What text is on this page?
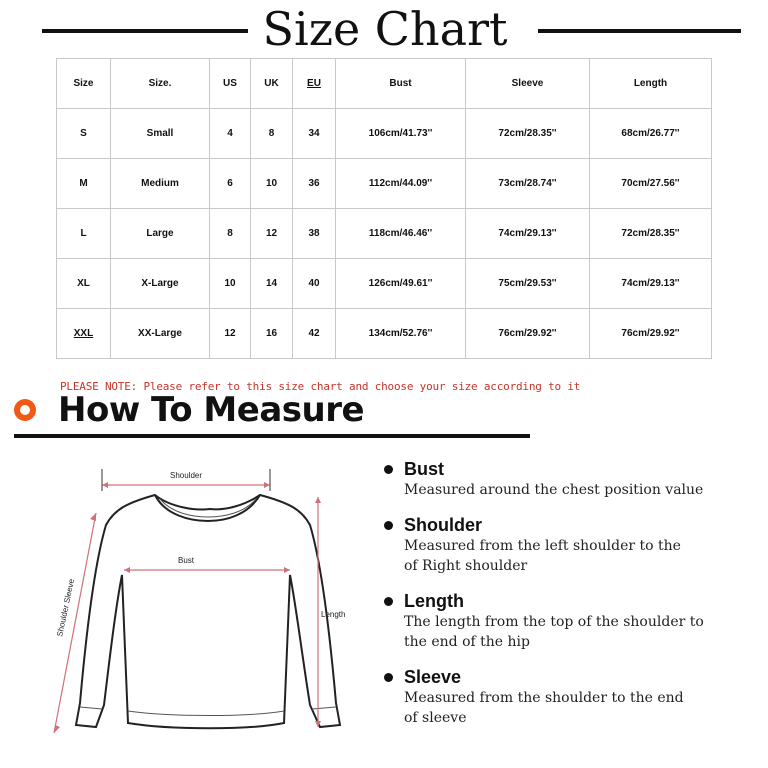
Size Chart
Size	Size.	US	UK	EU	Bust	Sleeve	Length
S	Small	4	8	34	106cm/41.73''	72cm/28.35''	68cm/26.77''
M	Medium	6	10	36	112cm/44.09''	73cm/28.74''	70cm/27.56''
L	Large	8	12	38	118cm/46.46''	74cm/29.13''	72cm/28.35''
XL	X-Large	10	14	40	126cm/49.61''	75cm/29.53''	74cm/29.13''
XXL	XX-Large	12	16	42	134cm/52.76''	76cm/29.92''	76cm/29.92''
PLEASE NOTE: Please refer to this size chart and choose your size according to it
How To Measure
Shoulder
Bust
Length
Shoulder Sleeve
Bust
Measured around the chest position value
Shoulder
Measured from the left shoulder to the
of Right shoulder
Length
The length from the top of the shoulder to
the end of the hip
Sleeve
Measured from the shoulder to the end
of sleeve
